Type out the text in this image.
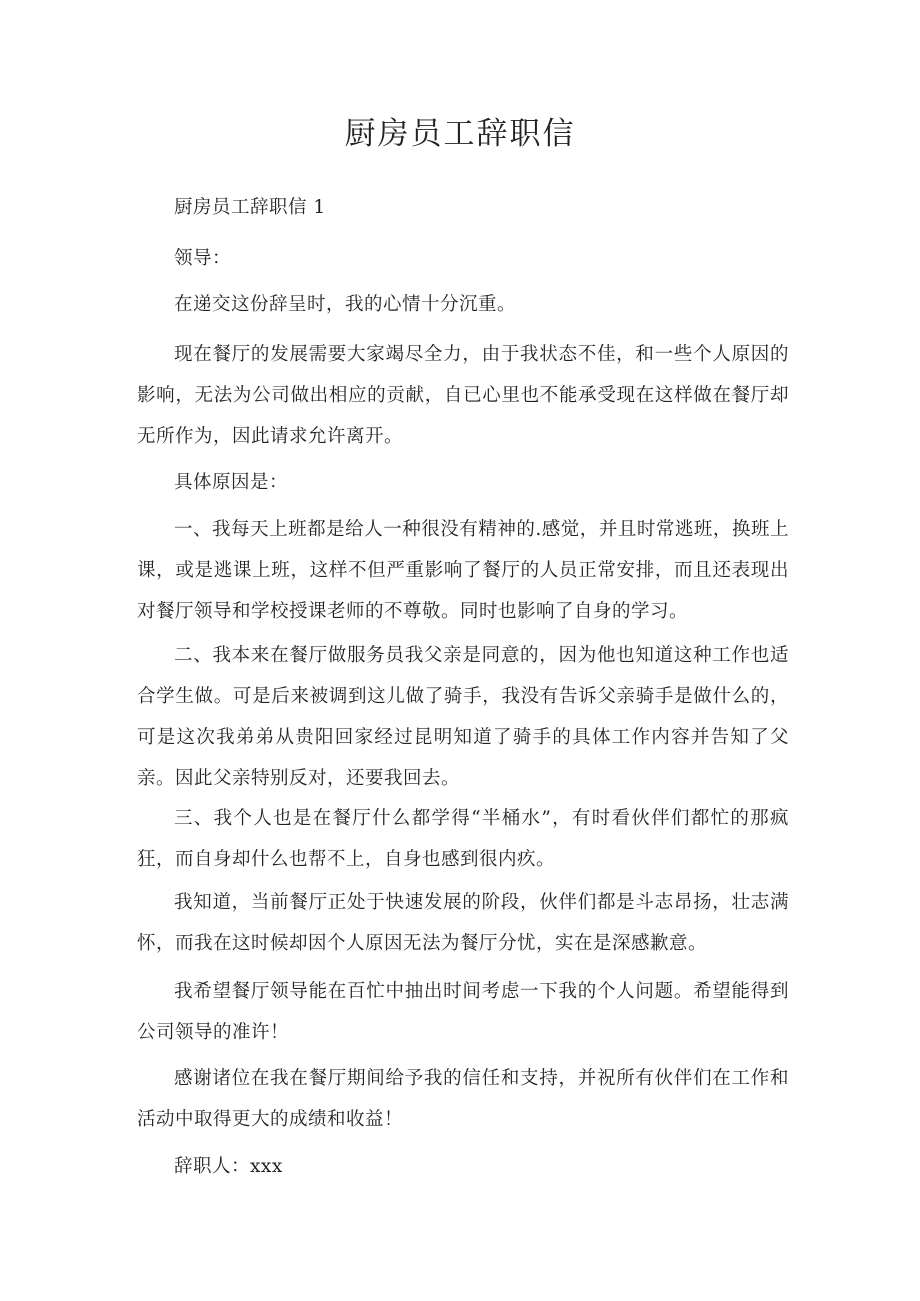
厨房员工辞职信
厨房员工辞职信 1
领导：
在递交这份辞呈时，我的心情十分沉重。
现在餐厅的发展需要大家竭尽全力，由于我状态不佳，和一些个人原因的影响，无法为公司做出相应的贡献，自已心里也不能承受现在这样做在餐厅却无所作为，因此请求允许离开。
具体原因是：
一、我每天上班都是给人一种很没有精神的.感觉，并且时常逃班，换班上课，或是逃课上班，这样不但严重影响了餐厅的人员正常安排，而且还表现出对餐厅领导和学校授课老师的不尊敬。同时也影响了自身的学习。
二、我本来在餐厅做服务员我父亲是同意的，因为他也知道这种工作也适合学生做。可是后来被调到这儿做了骑手，我没有告诉父亲骑手是做什么的，可是这次我弟弟从贵阳回家经过昆明知道了骑手的具体工作内容并告知了父亲。因此父亲特别反对，还要我回去。
三、我个人也是在餐厅什么都学得“半桶水”，有时看伙伴们都忙的那疯狂，而自身却什么也帮不上，自身也感到很内疚。
我知道，当前餐厅正处于快速发展的阶段，伙伴们都是斗志昂扬，壮志满怀，而我在这时候却因个人原因无法为餐厅分忧，实在是深感歉意。
我希望餐厅领导能在百忙中抽出时间考虑一下我的个人问题。希望能得到公司领导的准许！
感谢诸位在我在餐厅期间给予我的信任和支持，并祝所有伙伴们在工作和活动中取得更大的成绩和收益！
辞职人：xxx
